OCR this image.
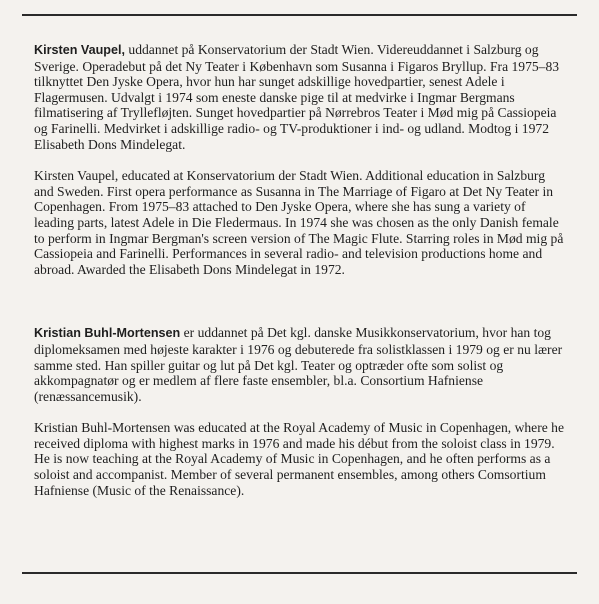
Kirsten Vaupel, uddannet på Konservatorium der Stadt Wien. Videreuddannet i Salzburg og Sverige. Operadebut på det Ny Teater i København som Susanna i Figaros Bryllup. Fra 1975–83 tilknyttet Den Jyske Opera, hvor hun har sunget adskillige hovedpartier, senest Adele i Flagermusen. Udvalgt i 1974 som eneste danske pige til at medvirke i Ingmar Bergmans filmatisering af Tryllefløjten. Sunget hovedpartier på Nørrebros Teater i Mød mig på Cassiopeia og Farinelli. Medvirket i adskillige radio- og TV-produktioner i ind- og udland. Modtog i 1972 Elisabeth Dons Mindelegat.

Kirsten Vaupel, educated at Konservatorium der Stadt Wien. Additional education in Salzburg and Sweden. First opera performance as Susanna in The Marriage of Figaro at Det Ny Teater in Copenhagen. From 1975–83 attached to Den Jyske Opera, where she has sung a variety of leading parts, latest Adele in Die Fledermaus. In 1974 she was chosen as the only Danish female to perform in Ingmar Bergman's screen version of The Magic Flute. Starring roles in Mød mig på Cassiopeia and Farinelli. Performances in several radio- and television productions home and abroad. Awarded the Elisabeth Dons Mindelegat in 1972.

Kristian Buhl-Mortensen er uddannet på Det kgl. danske Musikkonservatorium, hvor han tog diplomeksamen med højeste karakter i 1976 og debuterede fra solistklassen i 1979 og er nu lærer samme sted. Han spiller guitar og lut på Det kgl. Teater og optræder ofte som solist og akkompagnatør og er medlem af flere faste ensembler, bl.a. Consortium Hafniense (renæssancemusik).

Kristian Buhl-Mortensen was educated at the Royal Academy of Music in Copenhagen, where he received diploma with highest marks in 1976 and made his début from the soloist class in 1979. He is now teaching at the Royal Academy of Music in Copenhagen, and he often performs as a soloist and accompanist. Member of several permanent ensembles, among others Comsortium Hafniense (Music of the Renaissance).
